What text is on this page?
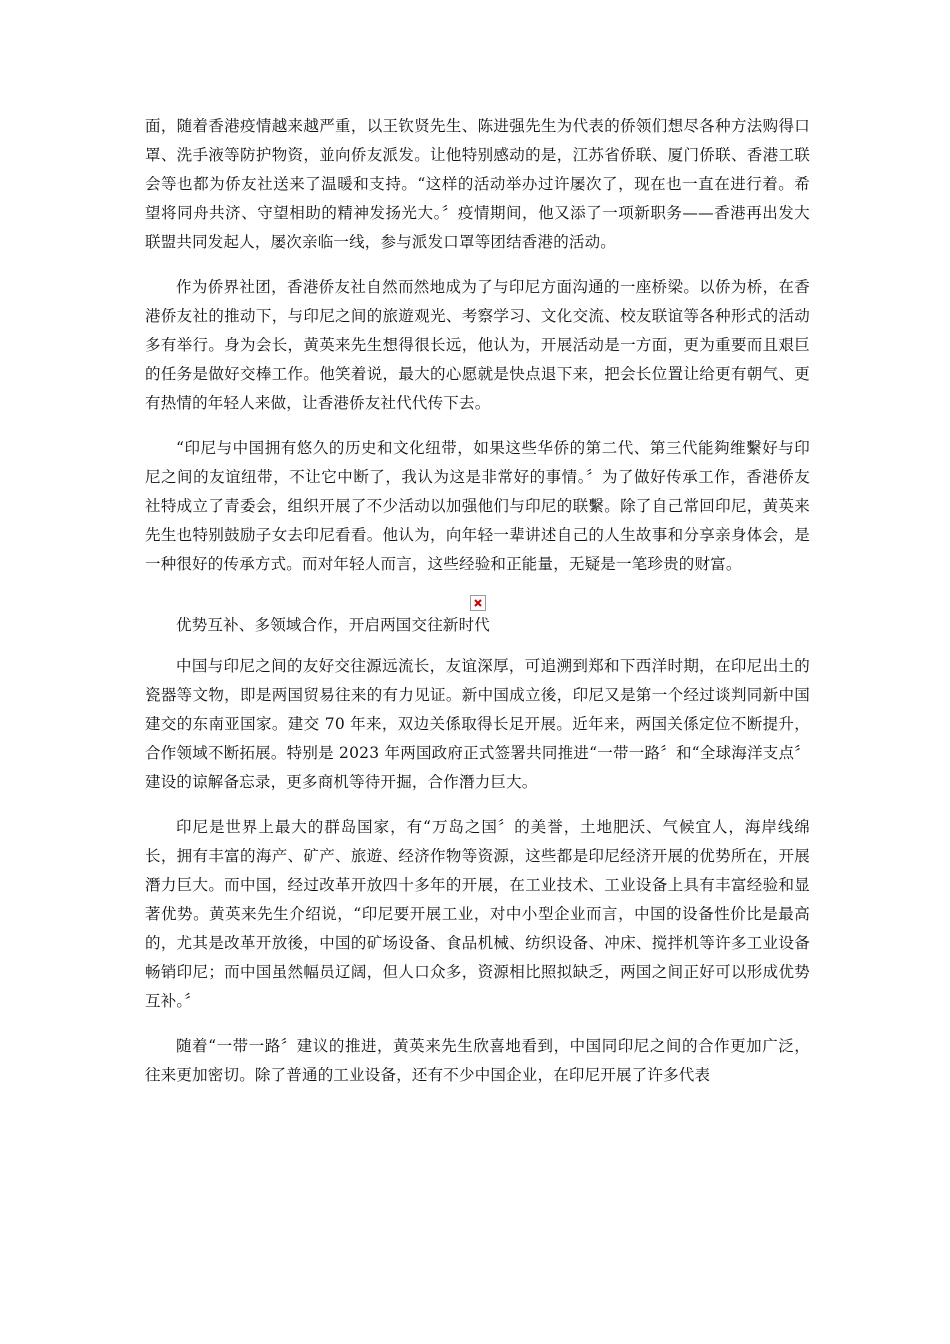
面，随着香港疫情越来越严重，以王钦贤先生、陈进强先生为代表的侨领们想尽各种方法购得口罩、洗手液等防护物资，並向侨友派发。让他特别感动的是，江苏省侨联、厦门侨联、香港工联会等也都为侨友社送来了温暖和支持。“这样的活动举办过许屡次了，现在也一直在进行着。希望将同舟共济、守望相助的精神发扬光大。〞疫情期间，他又添了一项新职务——香港再出发大联盟共同发起人，屡次亲临一线，参与派发口罩等团结香港的活动。

作为侨界社团，香港侨友社自然而然地成为了与印尼方面沟通的一座桥梁。以侨为桥，在香港侨友社的推动下，与印尼之间的旅遊观光、考察学习、文化交流、校友联谊等各种形式的活动多有举行。身为会长，黄英来先生想得很长远，他认为，开展活动是一方面，更为重要而且艰巨的任务是做好交棒工作。他笑着说，最大的心愿就是快点退下来，把会长位置让给更有朝气、更有热情的年轻人来做，让香港侨友社代代传下去。

“印尼与中国拥有悠久的历史和文化纽带，如果这些华侨的第二代、第三代能夠维繫好与印尼之间的友谊纽带，不让它中断了，我认为这是非常好的事情。〞为了做好传承工作，香港侨友社特成立了青委会，组织开展了不少活动以加强他们与印尼的联繫。除了自己常回印尼，黄英来先生也特别鼓励子女去印尼看看。他认为，向年轻一辈讲述自己的人生故事和分享亲身体会，是一种很好的传承方式。而对年轻人而言，这些经验和正能量，无疑是一笔珍贵的财富。

优势互补、多领域合作，开启两国交往新时代

中国与印尼之间的友好交往源远流长，友谊深厚，可追溯到郑和下西洋时期，在印尼出土的瓷器等文物，即是两国贸易往来的有力见证。新中国成立後，印尼又是第一个经过谈判同新中国建交的东南亚国家。建交 70 年来，双边关係取得长足开展。近年来，两国关係定位不断提升，合作领域不断拓展。特别是 2023 年两国政府正式签署共同推进“一带一路〞和“全球海洋支点〞建设的谅解备忘录，更多商机等待开掘，合作潛力巨大。

印尼是世界上最大的群岛国家，有“万岛之国〞的美誉，土地肥沃、气候宜人，海岸线绵长，拥有丰富的海产、矿产、旅遊、经济作物等资源，这些都是印尼经济开展的优势所在，开展潛力巨大。而中国，经过改革开放四十多年的开展，在工业技术、工业设备上具有丰富经验和显著优势。黄英来先生介绍说，“印尼要开展工业，对中小型企业而言，中国的设备性价比是最高的，尤其是改革开放後，中国的矿场设备、食品机械、纺织设备、冲床、搅拌机等许多工业设备畅销印尼；而中国虽然幅员辽阔，但人口众多，资源相比照拟缺乏，两国之间正好可以形成优势互补。〞

随着“一带一路〞建议的推进，黄英来先生欣喜地看到，中国同印尼之间的合作更加广泛，往来更加密切。除了普通的工业设备，还有不少中国企业，在印尼开展了许多代表
